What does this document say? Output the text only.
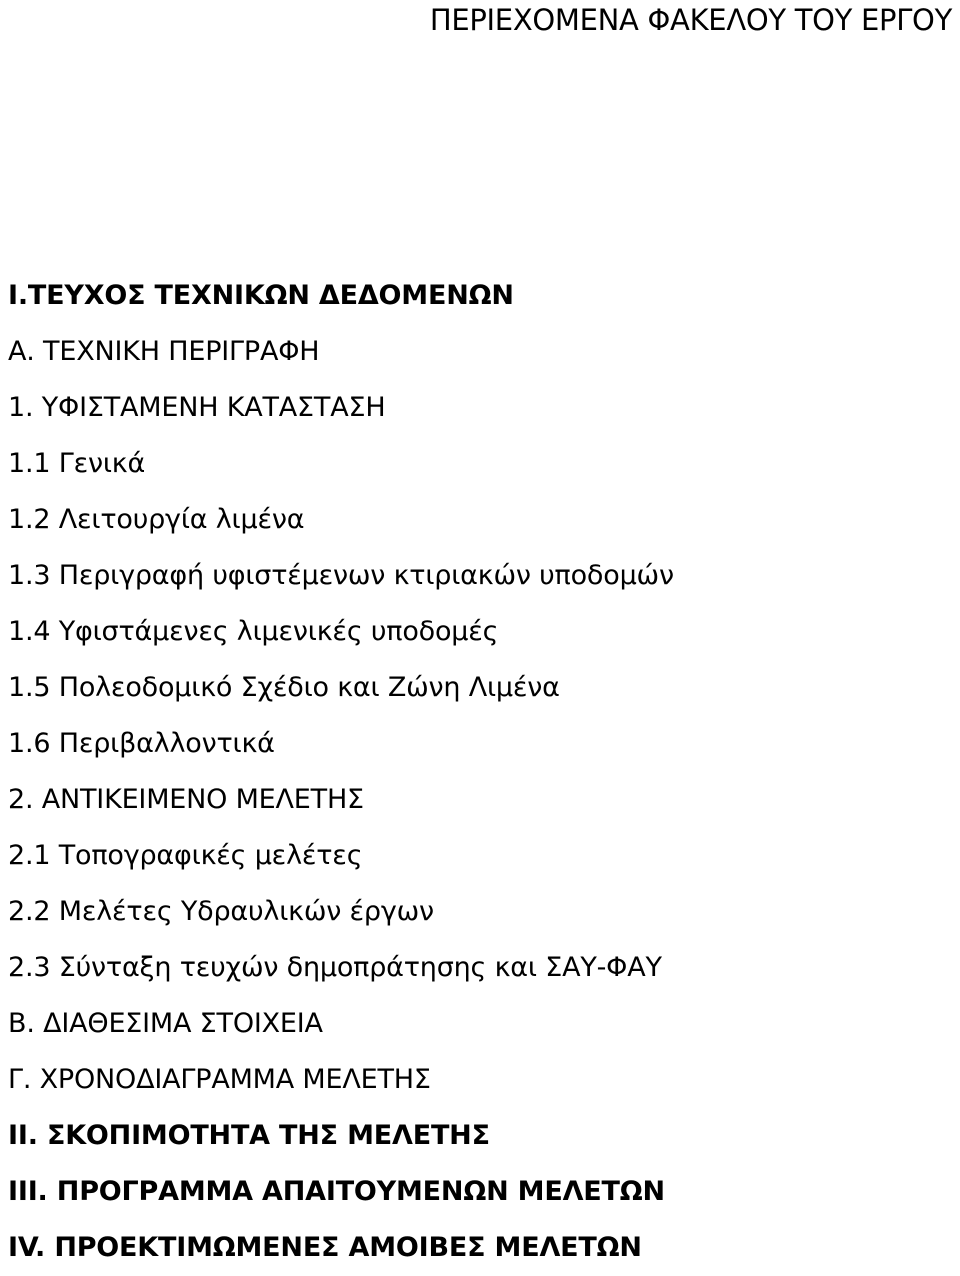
ΠΕΡΙΕΧΟΜΕΝΑ ΦΑΚΕΛΟΥ ΤΟΥ ΕΡΓΟΥ
I.ΤΕΥΧΟΣ ΤΕΧΝΙΚΩΝ ΔΕΔΟΜΕΝΩΝ
Α. ΤΕΧΝΙΚΗ ΠΕΡΙΓΡΑΦΗ
1. ΥΦΙΣΤΑΜΕΝΗ ΚΑΤΑΣΤΑΣΗ
1.1 Γενικά
1.2 Λειτουργία λιμένα
1.3 Περιγραφή υφιστέμενων κτιριακών υποδομών
1.4 Υφιστάμενες λιμενικές υποδομές
1.5 Πολεοδομικό Σχέδιο και Ζώνη Λιμένα
1.6 Περιβαλλοντικά
2. ΑΝΤΙΚΕΙΜΕΝΟ ΜΕΛΕΤΗΣ
2.1 Τοπογραφικές μελέτες
2.2 Μελέτες Υδραυλικών έργων
2.3 Σύνταξη τευχών δημοπράτησης και ΣΑΥ-ΦΑΥ
Β. ΔΙΑΘΕΣΙΜΑ ΣΤΟΙΧΕΙΑ
Γ. ΧΡΟΝΟΔΙΑΓΡΑΜΜΑ ΜΕΛΕΤΗΣ
II. ΣΚΟΠΙΜΟΤΗΤΑ ΤΗΣ ΜΕΛΕΤΗΣ
III. ΠΡΟΓΡΑΜΜΑ ΑΠΑΙΤΟΥΜΕΝΩΝ ΜΕΛΕΤΩΝ
IV. ΠΡΟΕΚΤΙΜΩΜΕΝΕΣ ΑΜΟΙΒΕΣ ΜΕΛΕΤΩΝ
